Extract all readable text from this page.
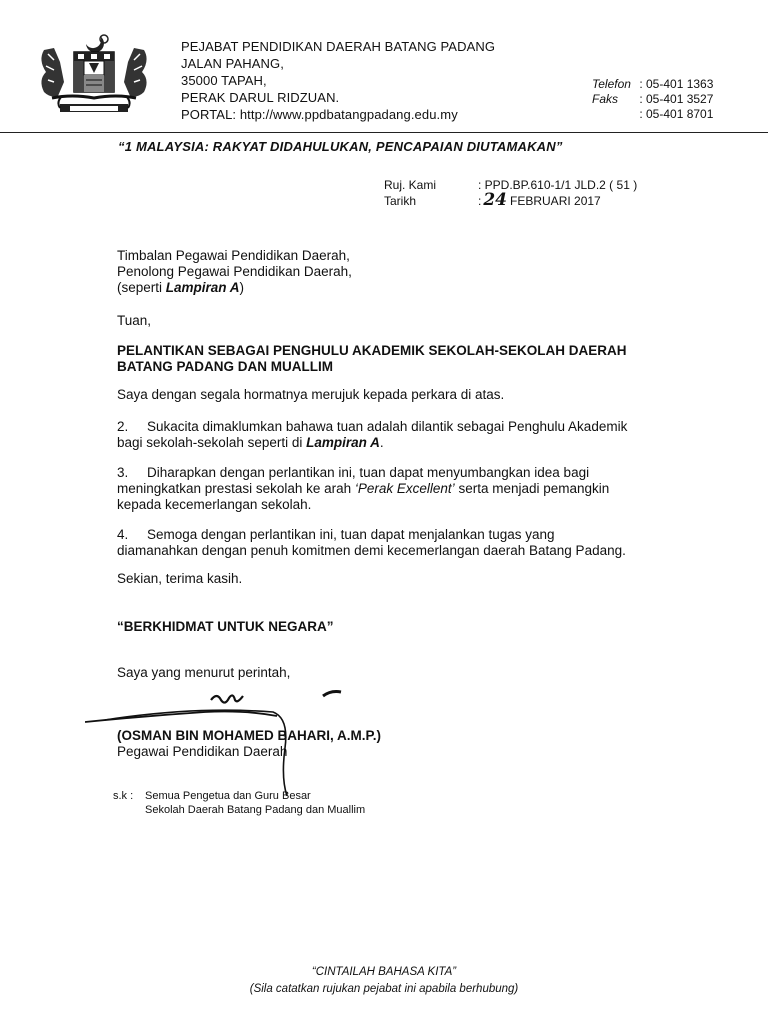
PEJABAT PENDIDIKAN DAERAH BATANG PADANG
JALAN PAHANG,
35000 TAPAH,
PERAK DARUL RIDZUAN.
PORTAL: http://www.ppdbatangpadang.edu.my
Telefon : 05-401 1363
Faks : 05-401 3527
: 05-401 8701
“1 MALAYSIA: RAKYAT DIDAHULUKAN, PENCAPAIAN DIUTAMAKAN”
Ruj. Kami	: PPD.BP.610-1/1 JLD.2 ( 51 )
Tarikh	: 24 FEBRUARI 2017
Timbalan Pegawai Pendidikan Daerah,
Penolong Pegawai Pendidikan Daerah,
(seperti Lampiran A)
Tuan,
PELANTIKAN SEBAGAI PENGHULU AKADEMIK SEKOLAH-SEKOLAH DAERAH
BATANG PADANG DAN MUALLIM
Saya dengan segala hormatnya merujuk kepada perkara di atas.
2.     Sukacita dimaklumkan bahawa tuan adalah dilantik sebagai Penghulu Akademik
bagi sekolah-sekolah seperti di Lampiran A.
3.     Diharapkan dengan perlantikan ini, tuan dapat menyumbangkan idea bagi
meningkatkan prestasi sekolah ke arah ‘Perak Excellent’ serta menjadi pemangkin
kepada kecemerlangan sekolah.
4.     Semoga dengan perlantikan ini, tuan dapat menjalankan tugas yang
diamanahkan dengan penuh komitmen demi kecemerlangan daerah Batang Padang.
Sekian, terima kasih.
“BERKHIDMAT UNTUK NEGARA”
Saya yang menurut perintah,
(OSMAN BIN MOHAMED BAHARI, A.M.P.)
Pegawai Pendidikan Daerah
s.k :	Semua Pengetua dan Guru Besar
Sekolah Daerah Batang Padang dan Muallim
“CINTAILAH BAHASA KITA”
(Sila catatkan rujukan pejabat ini apabila berhubung)
